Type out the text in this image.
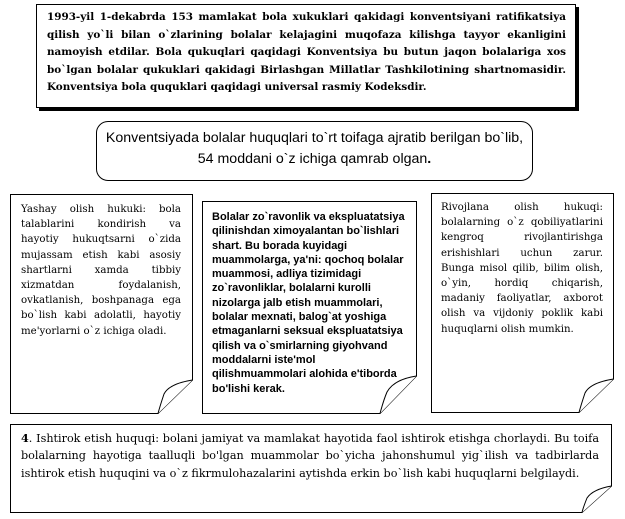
1993-yil 1-dekabrda 153 mamlakat bola xukuklari qakidagi konventsiyani ratifikatsiya qilish yo`li bilan o`zlarining bolalar kelajagini muqofaza kilishga tayyor ekanligini namoyish etdilar. Bola qukuqlari qaqidagi Konventsiya bu butun jaqon bolalariga xos bo`lgan bolalar qukuklari qakidagi Birlashgan Millatlar Tashkilotining shartnomasidir. Konventsiya bola ququklari qaqidagi universal rasmiy Kodeksdir.
Konventsiyada bolalar huquqlari to`rt toifaga ajratib berilgan bo`lib, 54 moddani o`z ichiga qamrab olgan.
Yashay olish hukuki: bola talablarini kondirish va hayotiy hukuqtsarni o`zida mujassam etish kabi asosiy shartlarni xamda tibbiy xizmatdan foydalanish, ovkatlanish, boshpanaga ega bo`lish kabi adolatli, hayotiy me'yorlarni o`z ichiga oladi.
Bolalar zo`ravonlik va ekspluatatsiya qilinishdan ximoyalantan bo`lishlari shart. Bu borada kuyidagi muammolarga, ya'ni: qochoq bolalar muammosi, adliya tizimidagi zo`ravonliklar, bolalarni kurolli nizolarga jalb etish muammolari, bolalar mexnati, balog`at yoshiga etmaganlarni seksual ekspluatatsiya qilish va o`smirlarning giyohvand moddalarni iste'mol qilishmuammolari alohida e'tiborda bo'lishi kerak.
Rivojlana olish hukuqi: bolalarning o`z qobiliyatlarini kengroq rivojlantirishga erishishlari uchun zarur. Bunga misol qilib, bilim olish, o`yin, hordiq chiqarish, madaniy faoliyatlar, axborot olish va vijdoniy poklik kabi huquqlarni olish mumkin.
4. Ishtirok etish huquqi: bolani jamiyat va mamlakat hayotida faol ishtirok etishga chorlaydi. Bu toifa bolalarning hayotiga taalluqli bo'lgan muammolar bo`yicha jahonshumul yig`ilish va tadbirlarda ishtirok etish huquqini va o`z fikrmulohazalarini aytishda erkin bo`lish kabi huquqlarni belgilaydi.
